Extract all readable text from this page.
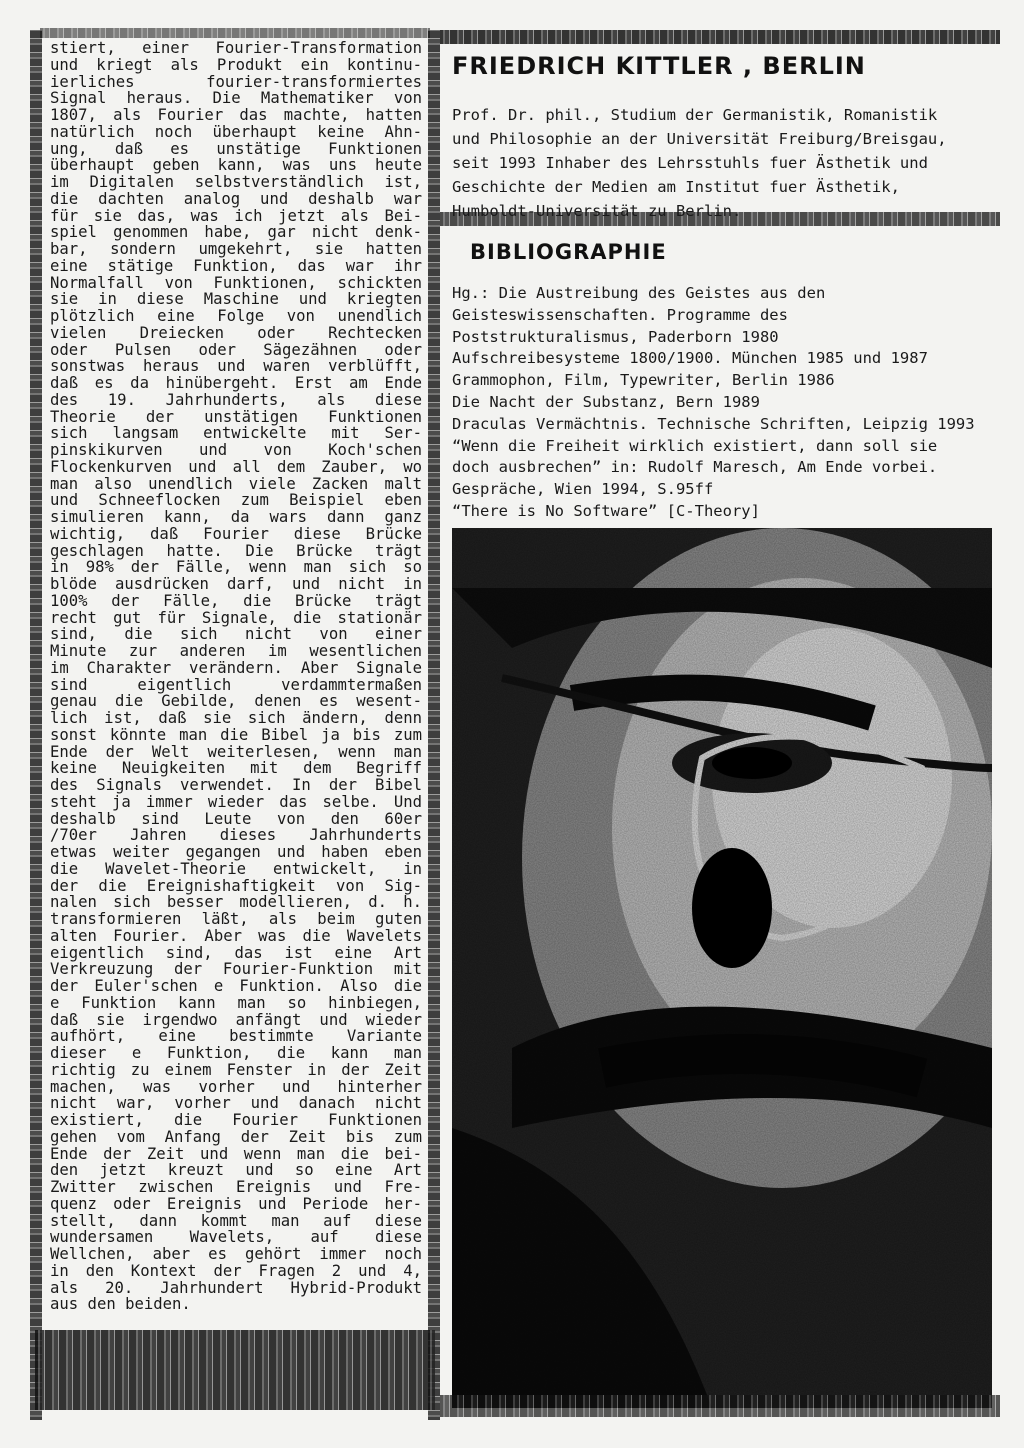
stiert, einer Fourier-Transformation
und kriegt als Produkt ein kontinu-
ierliches fourier-transformiertes
Signal heraus. Die Mathematiker von
1807, als Fourier das machte, hatten
natürlich noch überhaupt keine Ahn-
ung, daß es unstätige Funktionen
überhaupt geben kann, was uns heute
im Digitalen selbstverständlich ist,
die dachten analog und deshalb war
für sie das, was ich jetzt als Bei-
spiel genommen habe, gar nicht denk-
bar, sondern umgekehrt, sie hatten
eine stätige Funktion, das war ihr
Normalfall von Funktionen, schickten
sie in diese Maschine und kriegten
plötzlich eine Folge von unendlich
vielen Dreiecken oder Rechtecken
oder Pulsen oder Sägezähnen oder
sonstwas heraus und waren verblüfft,
daß es da hinübergeht. Erst am Ende
des 19. Jahrhunderts, als diese
Theorie der unstätigen Funktionen
sich langsam entwickelte mit Ser-
pinskikurven und von Koch'schen
Flockenkurven und all dem Zauber, wo
man also unendlich viele Zacken malt
und Schneeflocken zum Beispiel eben
simulieren kann, da wars dann ganz
wichtig, daß Fourier diese Brücke
geschlagen hatte. Die Brücke trägt
in 98% der Fälle, wenn man sich so
blöde ausdrücken darf, und nicht in
100% der Fälle, die Brücke trägt
recht gut für Signale, die stationär
sind, die sich nicht von einer
Minute zur anderen im wesentlichen
im Charakter verändern. Aber Signale
sind eigentlich verdammtermaßen
genau die Gebilde, denen es wesent-
lich ist, daß sie sich ändern, denn
sonst könnte man die Bibel ja bis zum
Ende der Welt weiterlesen, wenn man
keine Neuigkeiten mit dem Begriff
des Signals verwendet. In der Bibel
steht ja immer wieder das selbe. Und
deshalb sind Leute von den 60er
/70er Jahren dieses Jahrhunderts
etwas weiter gegangen und haben eben
die Wavelet-Theorie entwickelt, in
der die Ereignishaftigkeit von Sig-
nalen sich besser modellieren, d. h.
transformieren läßt, als beim guten
alten Fourier. Aber was die Wavelets
eigentlich sind, das ist eine Art
Verkreuzung der Fourier-Funktion mit
der Euler'schen e Funktion. Also die
e Funktion kann man so hinbiegen,
daß sie irgendwo anfängt und wieder
aufhört, eine bestimmte Variante
dieser e Funktion, die kann man
richtig zu einem Fenster in der Zeit
machen, was vorher und hinterher
nicht war, vorher und danach nicht
existiert, die Fourier Funktionen
gehen vom Anfang der Zeit bis zum
Ende der Zeit und wenn man die bei-
den jetzt kreuzt und so eine Art
Zwitter zwischen Ereignis und Fre-
quenz oder Ereignis und Periode her-
stellt, dann kommt man auf diese
wundersamen Wavelets, auf diese
Wellchen, aber es gehört immer noch
in den Kontext der Fragen 2 und 4,
als 20. Jahrhundert Hybrid-Produkt
aus den beiden.
FRIEDRICH KITTLER , BERLIN
Prof. Dr. phil., Studium der Germanistik, Romanistik
und Philosophie an der Universität Freiburg/Breisgau,
seit 1993 Inhaber des Lehrsstuhls fuer Ästhetik und
Geschichte der Medien am Institut fuer Ästhetik,
Humboldt-Universität zu Berlin.
BIBLIOGRAPHIE
Hg.: Die Austreibung des Geistes aus den
Geisteswissenschaften. Programme des
Poststrukturalismus, Paderborn 1980
Aufschreibesysteme 1800/1900. München 1985 und 1987
Grammophon, Film, Typewriter, Berlin 1986
Die Nacht der Substanz, Bern 1989
Draculas Vermächtnis. Technische Schriften, Leipzig 1993
“Wenn die Freiheit wirklich existiert, dann soll sie
doch ausbrechen” in: Rudolf Maresch, Am Ende vorbei.
Gespräche, Wien 1994, S.95ff
“There is No Software” [C-Theory]
